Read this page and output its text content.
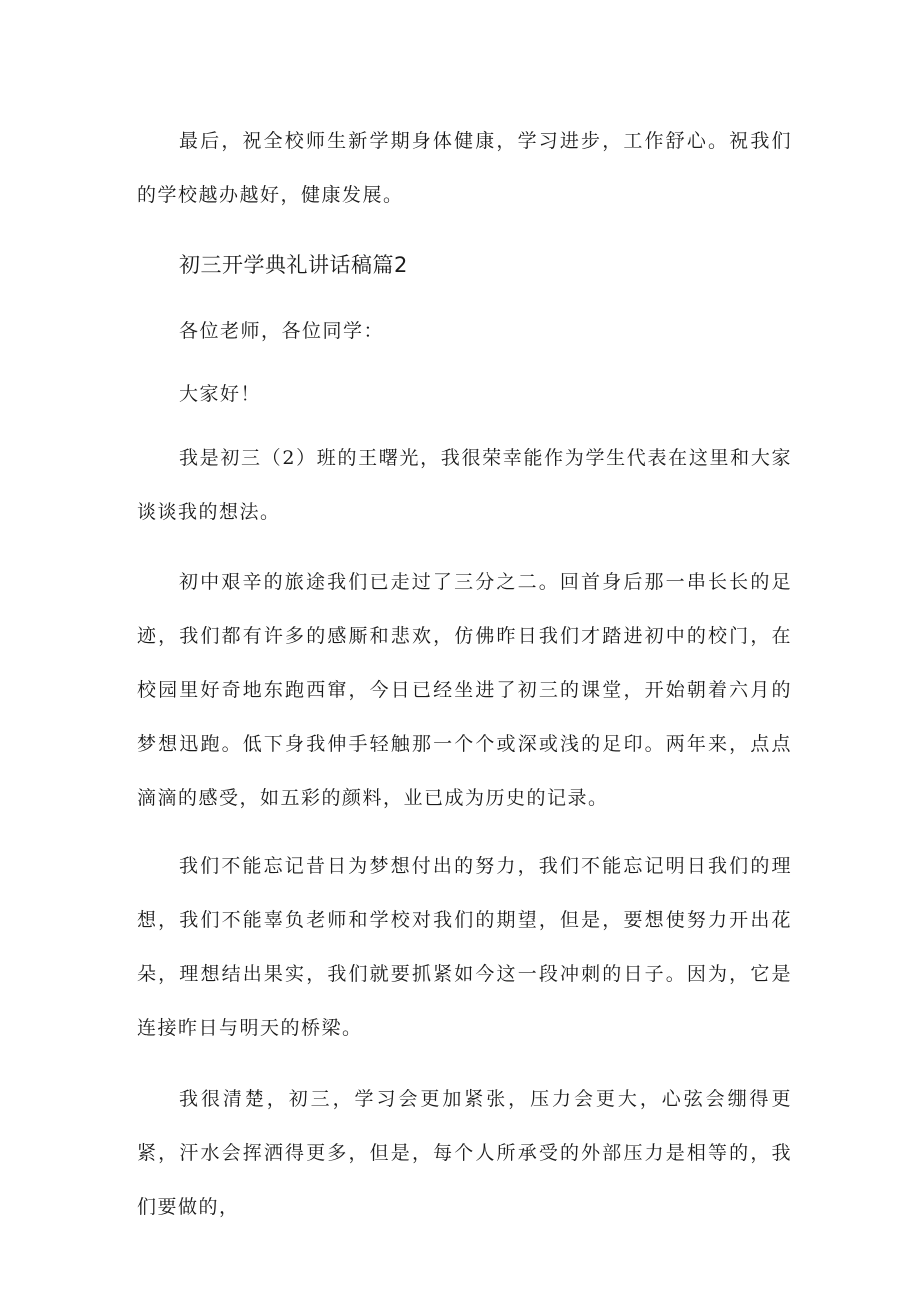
最后，祝全校师生新学期身体健康，学习进步，工作舒心。祝我们的学校越办越好，健康发展。

初三开学典礼讲话稿篇2

各位老师，各位同学：

大家好！

我是初三（2）班的王曙光，我很荣幸能作为学生代表在这里和大家谈谈我的想法。

初中艰辛的旅途我们已走过了三分之二。回首身后那一串长长的足迹，我们都有许多的感厮和悲欢，仿佛昨日我们才踏进初中的校门，在校园里好奇地东跑西窜，今日已经坐进了初三的课堂，开始朝着六月的梦想迅跑。低下身我伸手轻触那一个个或深或浅的足印。两年来，点点滴滴的感受，如五彩的颜料，业已成为历史的记录。

我们不能忘记昔日为梦想付出的努力，我们不能忘记明日我们的理想，我们不能辜负老师和学校对我们的期望，但是，要想使努力开出花朵，理想结出果实，我们就要抓紧如今这一段冲刺的日子。因为，它是连接昨日与明天的桥梁。

我很清楚，初三，学习会更加紧张，压力会更大，心弦会绷得更紧，汗水会挥洒得更多，但是，每个人所承受的外部压力是相等的，我们要做的，
